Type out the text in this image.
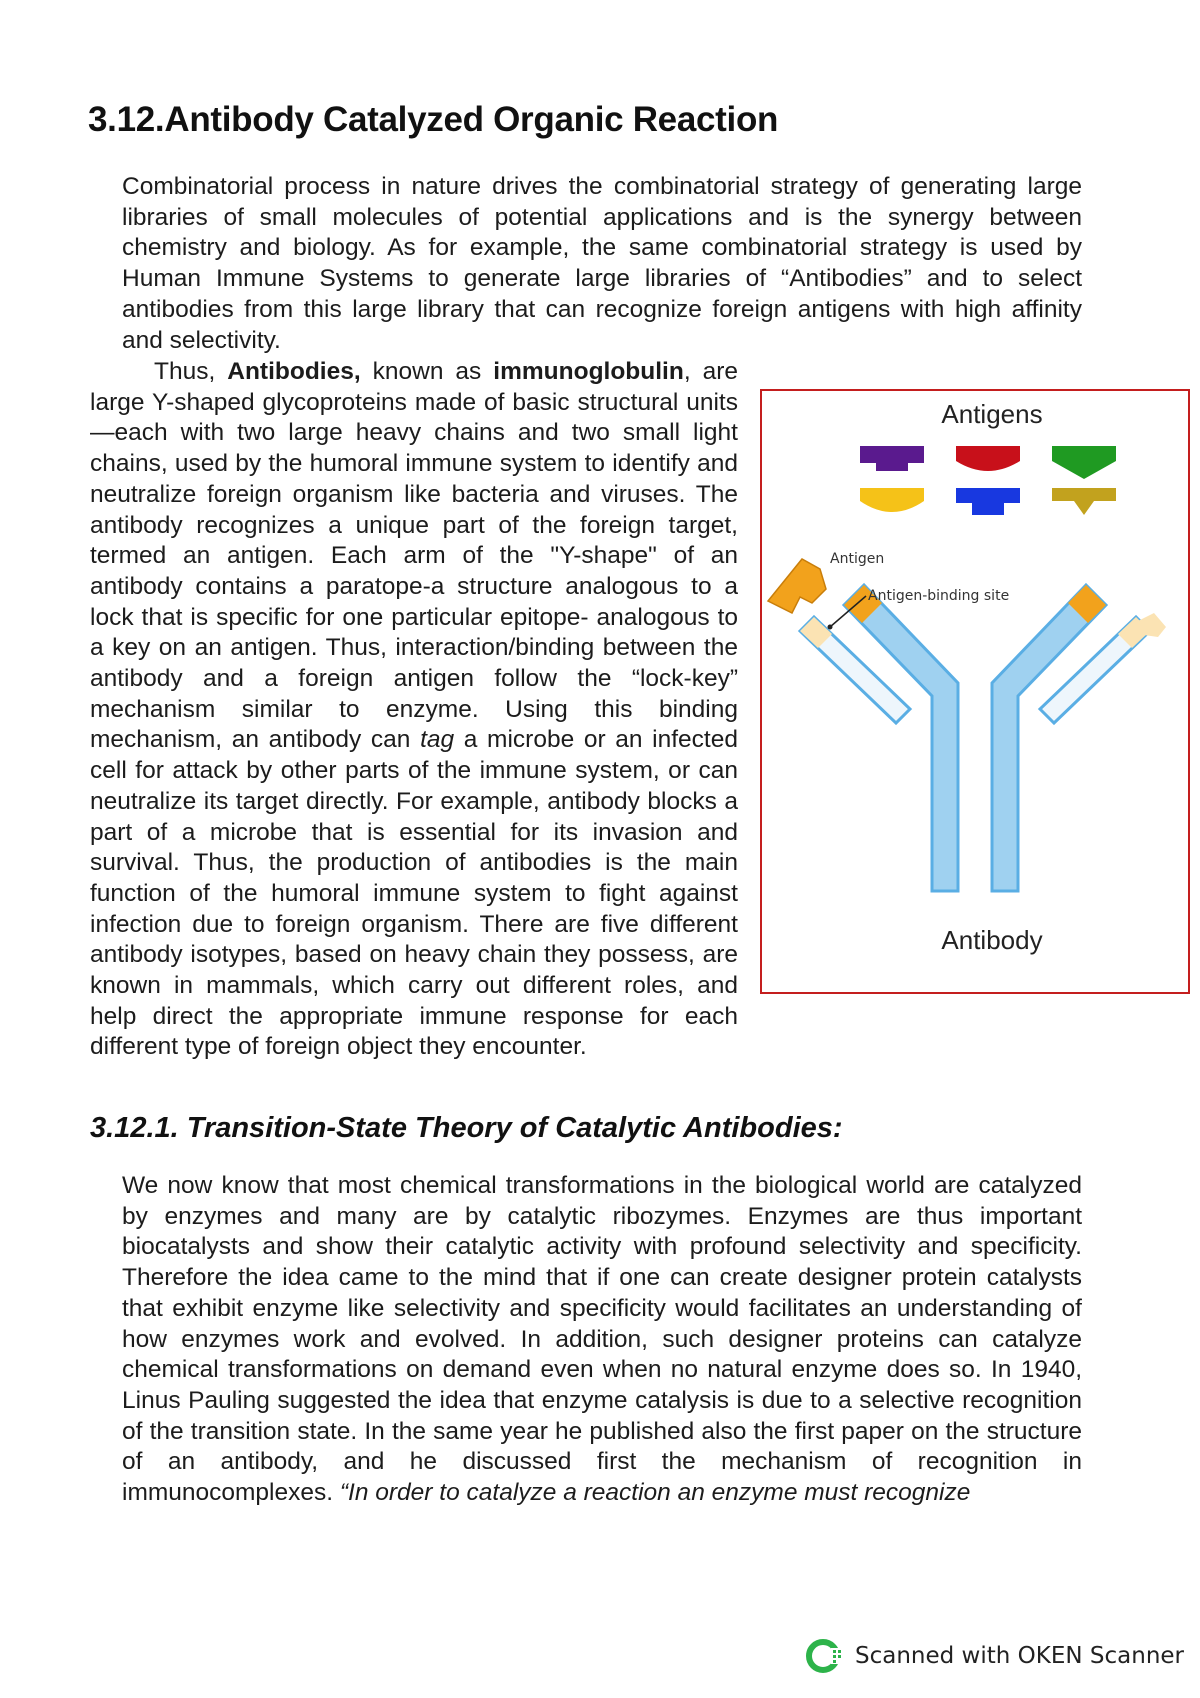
3.12.Antibody Catalyzed Organic Reaction

Combinatorial process in nature drives the combinatorial strategy of generating large libraries of small molecules of potential applications and is the synergy between chemistry and biology. As for example, the same combinatorial strategy is used by Human Immune Systems to generate large libraries of “Antibodies” and to select antibodies from this large library that can recognize foreign antigens with high affinity and selectivity.

Antigens
Antigen
Antigen-binding site
Antibody
Thus, Antibodies, known as immunoglobulin, are large Y-shaped glycoproteins made of basic structural units—each with two large heavy chains and two small light chains, used by the humoral immune system to identify and neutralize foreign organism like bacteria and viruses. The antibody recognizes a unique part of the foreign target, termed an antigen. Each arm of the "Y-shape" of an antibody contains a paratope-a structure analogous to a lock that is specific for one particular epitope- analogous to a key on an antigen. Thus, interaction/binding between the antibody and a foreign antigen follow the “lock-key” mechanism similar to enzyme. Using this binding mechanism, an antibody can tag a microbe or an infected cell for attack by other parts of the immune system, or can neutralize its target directly. For example, antibody blocks a part of a microbe that is essential for its invasion and survival. Thus, the production of antibodies is the main function of the humoral immune system to fight against infection due to foreign organism. There are five different antibody isotypes, based on heavy chain they possess, are known in mammals, which carry out different roles, and help direct the appropriate immune response for each different type of foreign object they encounter.
3.12.1. Transition-State Theory of Catalytic Antibodies:

We now know that most chemical transformations in the biological world are catalyzed by enzymes and many are by catalytic ribozymes. Enzymes are thus important biocatalysts and show their catalytic activity with profound selectivity and specificity. Therefore the idea came to the mind that if one can create designer protein catalysts that exhibit enzyme like selectivity and specificity would facilitates an understanding of how enzymes work and evolved. In addition, such designer proteins can catalyze chemical transformations on demand even when no natural enzyme does so. In 1940, Linus Pauling suggested the idea that enzyme catalysis is due to a selective recognition of the transition state. In the same year he published also the first paper on the structure of an antibody, and he discussed first the mechanism of recognition in immunocomplexes. “In order to catalyze a reaction an enzyme must recognize

Scanned with OKEN Scanner
